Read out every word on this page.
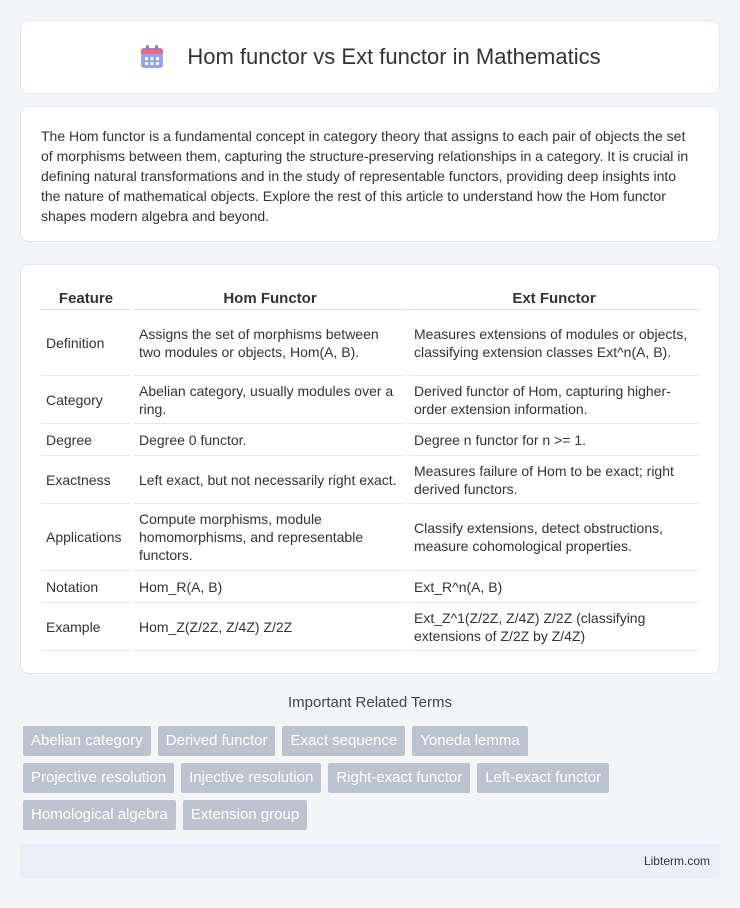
Hom functor vs Ext functor in Mathematics

The Hom functor is a fundamental concept in category theory that assigns to each pair of objects the set of morphisms between them, capturing the structure-preserving relationships in a category. It is crucial in defining natural transformations and in the study of representable functors, providing deep insights into the nature of mathematical objects. Explore the rest of this article to understand how the Hom functor shapes modern algebra and beyond.

Feature	Hom Functor	Ext Functor
Definition	Assigns the set of morphisms between two modules or objects, Hom(A, B).	Measures extensions of modules or objects, classifying extension classes Ext^n(A, B).
Category	Abelian category, usually modules over a ring.	Derived functor of Hom, capturing higher-order extension information.
Degree	Degree 0 functor.	Degree n functor for n >= 1.
Exactness	Left exact, but not necessarily right exact.	Measures failure of Hom to be exact; right derived functors.
Applications	Compute morphisms, module homomorphisms, and representable functors.	Classify extensions, detect obstructions, measure cohomological properties.
Notation	Hom_R(A, B)	Ext_R^n(A, B)
Example	Hom_Z(Z/2Z, Z/4Z) Z/2Z	Ext_Z^1(Z/2Z, Z/4Z) Z/2Z (classifying extensions of Z/2Z by Z/4Z)
Important Related Terms
Abelian category	Derived functor	Exact sequence	Yoneda lemma
Projective resolution	Injective resolution	Right-exact functor	Left-exact functor
Homological algebra	Extension group
Libterm.com
